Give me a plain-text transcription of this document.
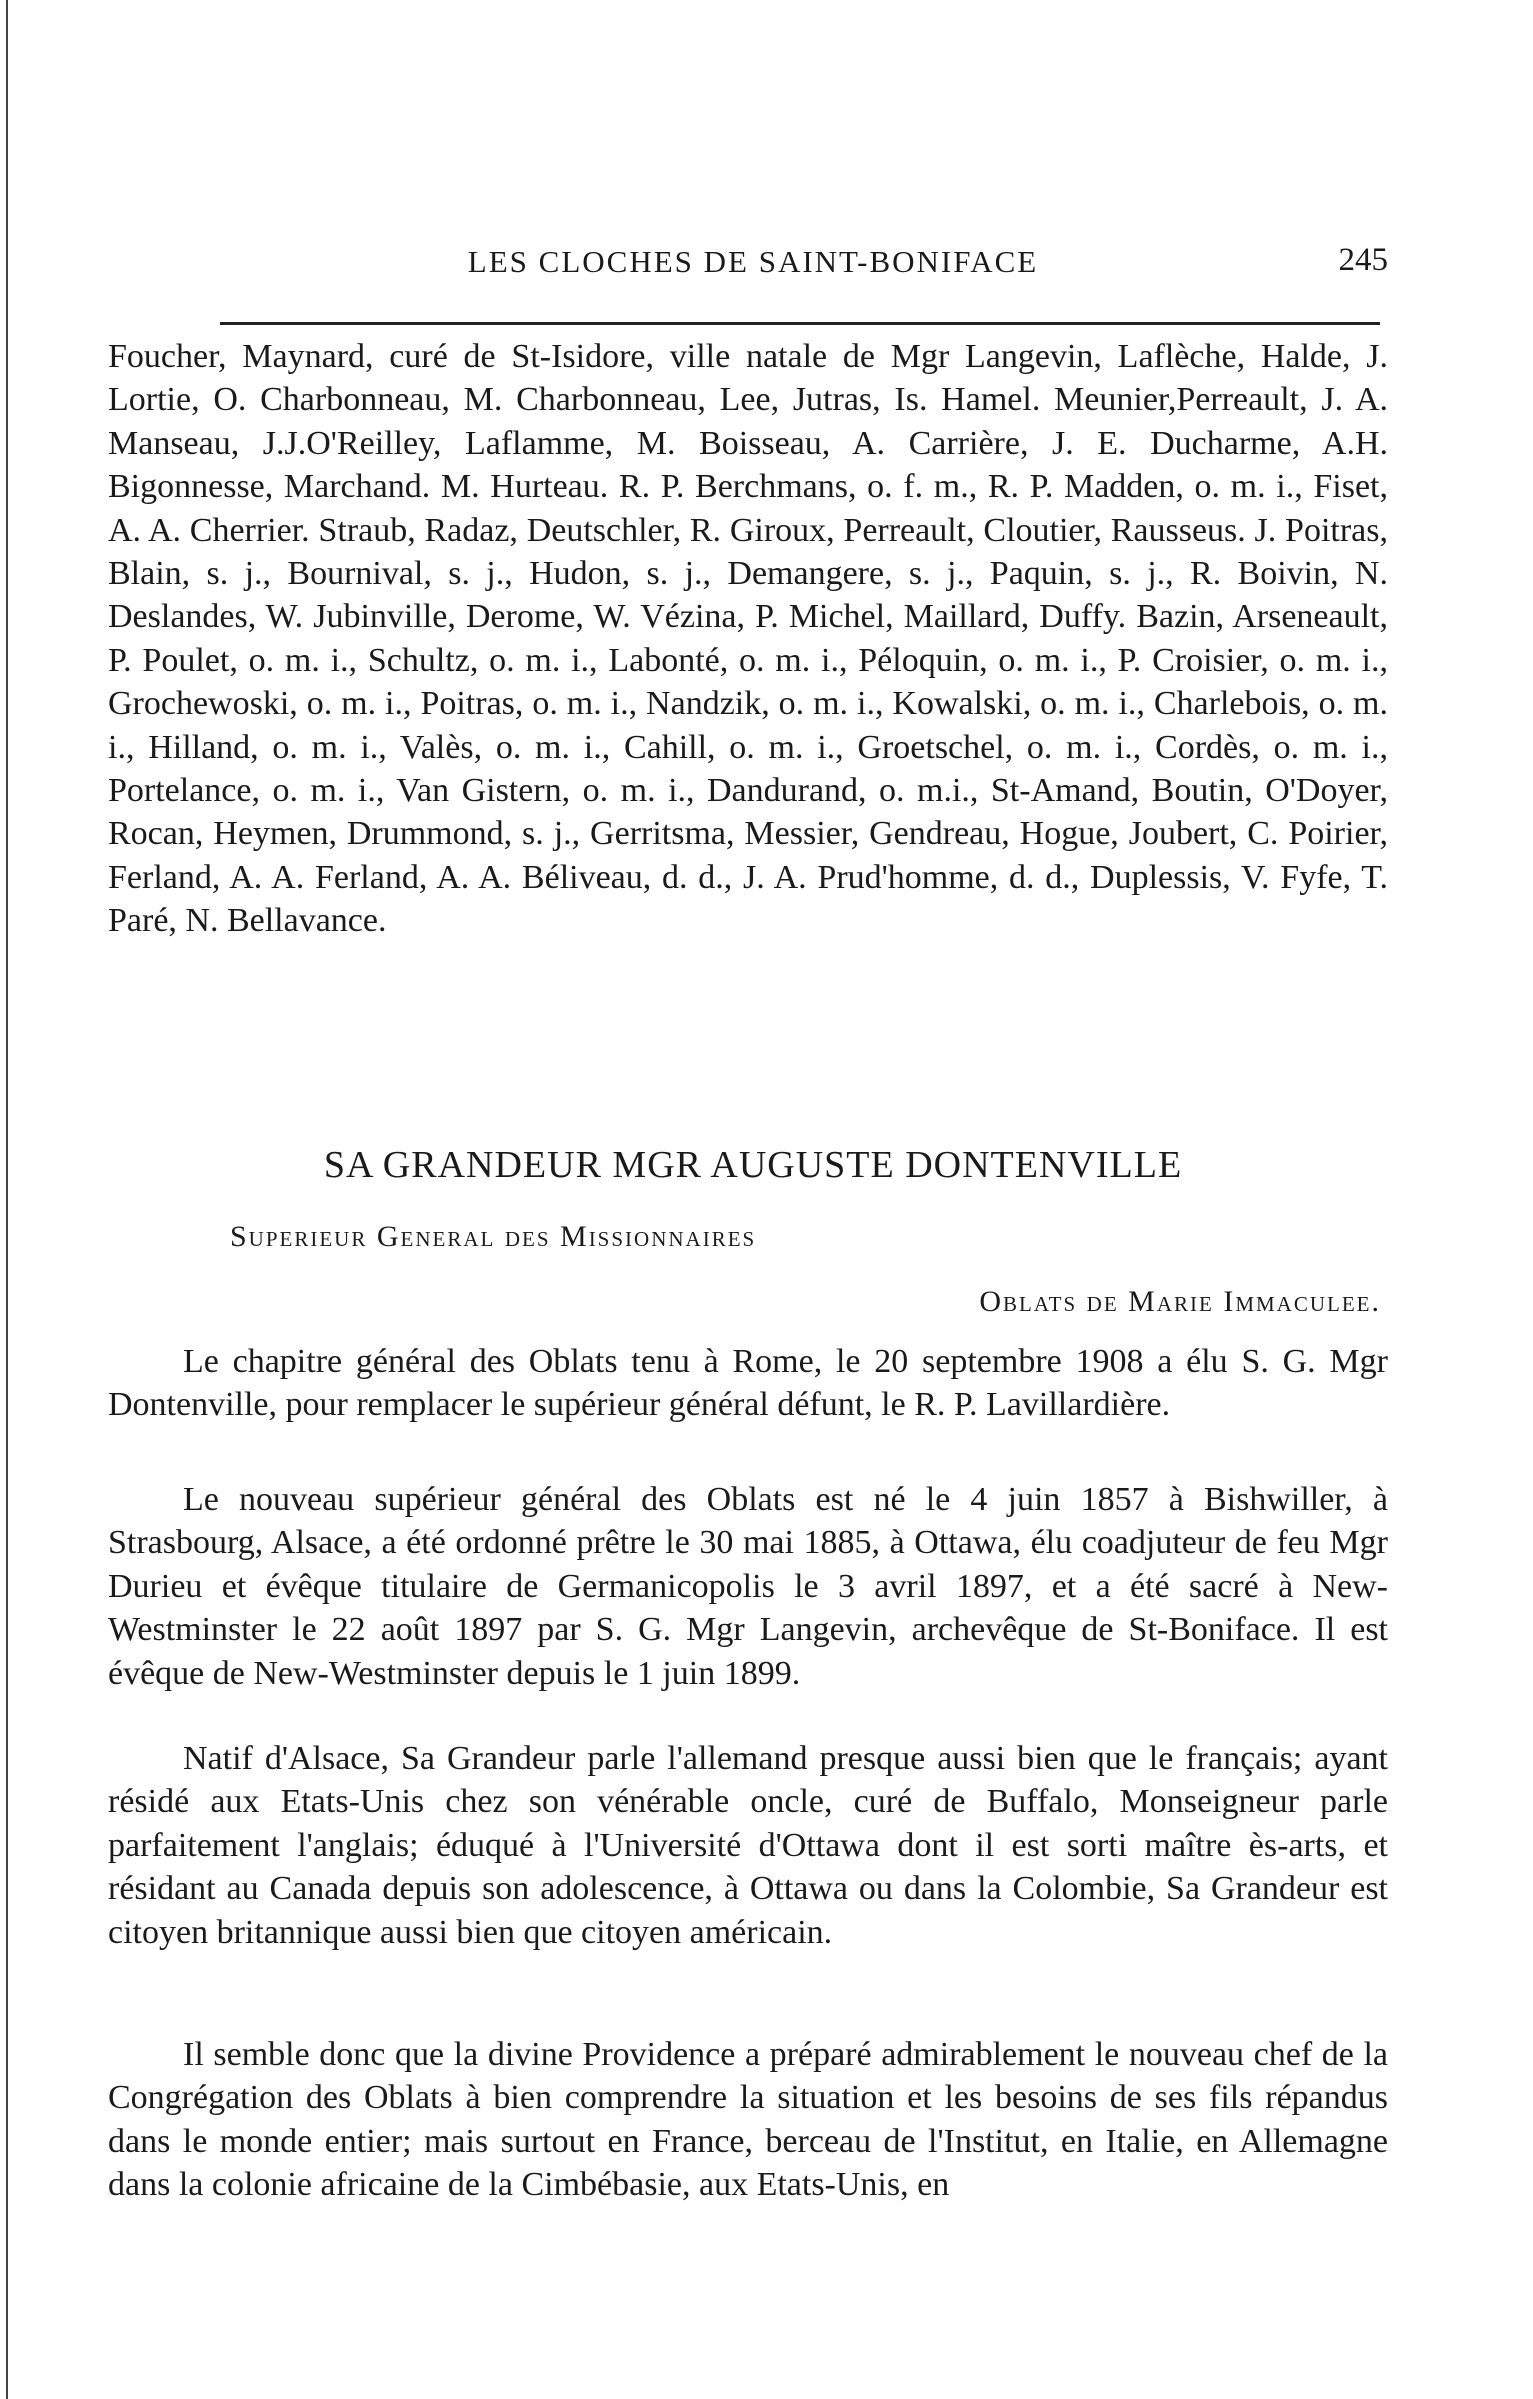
LES CLOCHES DE SAINT-BONIFACE	245
Foucher, Maynard, curé de St-Isidore, ville natale de Mgr Langevin, Laflèche, Halde, J. Lortie, O. Charbonneau, M. Charbonneau, Lee, Jutras, Is. Hamel. Meunier,Perreault, J. A. Manseau, J.J.O'Reilley, Laflamme, M. Boisseau, A. Carrière, J. E. Ducharme, A.H. Bigonnesse, Marchand. M. Hurteau. R. P. Berchmans, o. f. m., R. P. Madden, o. m. i., Fiset, A. A. Cherrier. Straub, Radaz, Deutschler, R. Giroux, Perreault, Cloutier, Rausseus. J. Poitras, Blain, s. j., Bournival, s. j., Hudon, s. j., Demangere, s. j., Paquin, s. j., R. Boivin, N. Deslandes, W. Jubinville, Derome, W. Vézina, P. Michel, Maillard, Duffy. Bazin, Arseneault, P. Poulet, o. m. i., Schultz, o. m. i., Labonté, o. m. i., Péloquin, o. m. i., P. Croisier, o. m. i., Grochewoski, o. m. i., Poitras, o. m. i., Nandzik, o. m. i., Kowalski, o. m. i., Charlebois, o. m. i., Hilland, o. m. i., Valès, o. m. i., Cahill, o. m. i., Groetschel, o. m. i., Cordès, o. m. i., Portelance, o. m. i., Van Gistern, o. m. i., Dandurand, o. m.i., St-Amand, Boutin, O'Doyer, Rocan, Heymen, Drummond, s. j., Gerritsma, Messier, Gendreau, Hogue, Joubert, C. Poirier, Ferland, A. A. Ferland, A. A. Béliveau, d. d., J. A. Prud'homme, d. d., Duplessis, V. Fyfe, T. Paré, N. Bellavance.
SA GRANDEUR MGR AUGUSTE DONTENVILLE
Superieur General des Missionnaires
Oblats de Marie Immaculee.
Le chapitre général des Oblats tenu à Rome, le 20 septembre 1908 a élu S. G. Mgr Dontenville, pour remplacer le supérieur général défunt, le R. P. Lavillardière.
Le nouveau supérieur général des Oblats est né le 4 juin 1857 à Bishwiller, à Strasbourg, Alsace, a été ordonné prêtre le 30 mai 1885, à Ottawa, élu coadjuteur de feu Mgr Durieu et évêque titulaire de Germanicopolis le 3 avril 1897, et a été sacré à New-Westminster le 22 août 1897 par S. G. Mgr Langevin, archevêque de St-Boniface. Il est évêque de New-Westminster depuis le 1 juin 1899.
Natif d'Alsace, Sa Grandeur parle l'allemand presque aussi bien que le français; ayant résidé aux Etats-Unis chez son vénérable oncle, curé de Buffalo, Monseigneur parle parfaitement l'anglais; éduqué à l'Université d'Ottawa dont il est sorti maître ès-arts, et résidant au Canada depuis son adolescence, à Ottawa ou dans la Colombie, Sa Grandeur est citoyen britannique aussi bien que citoyen américain.
Il semble donc que la divine Providence a préparé admirablement le nouveau chef de la Congrégation des Oblats à bien comprendre la situation et les besoins de ses fils répandus dans le monde entier; mais surtout en France, berceau de l'Institut, en Italie, en Allemagne dans la colonie africaine de la Cimbébasie, aux Etats-Unis, en
